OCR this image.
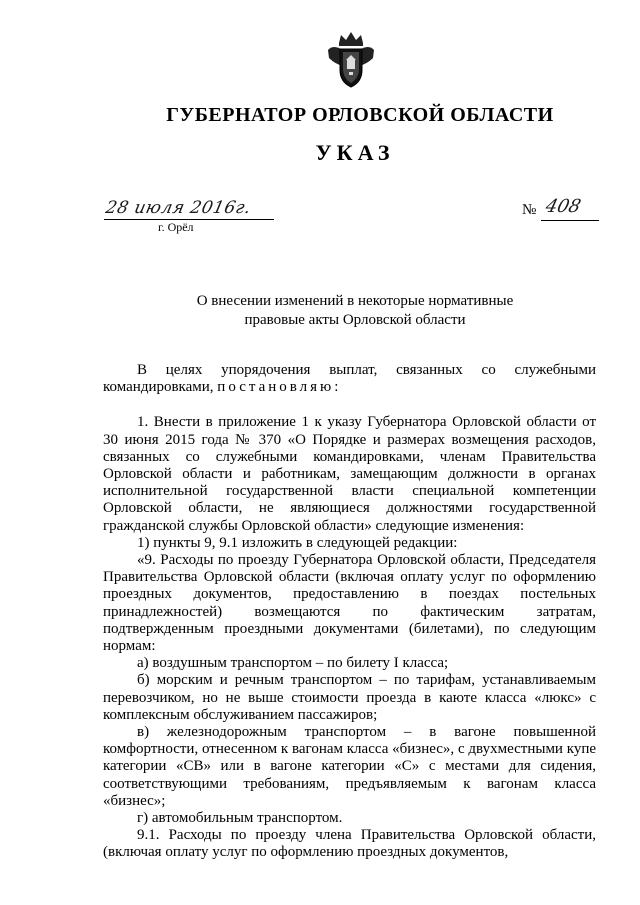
ГУБЕРНАТОР ОРЛОВСКОЙ ОБЛАСТИ
УКАЗ
28 июля 2016г.
г. Орёл
№ 408
О внесении изменений в некоторые нормативные
правовые акты Орловской области

В целях упорядочения выплат, связанных со служебными командировками, постановляю:

1. Внести в приложение 1 к указу Губернатора Орловской области от 30 июня 2015 года № 370 «О Порядке и размерах возмещения расходов, связанных со служебными командировками, членам Правительства Орловской области и работникам, замещающим должности в органах исполнительной государственной власти специальной компетенции Орловской области, не являющиеся должностями государственной гражданской службы Орловской области» следующие изменения:

1) пункты 9, 9.1 изложить в следующей редакции:

«9. Расходы по проезду Губернатора Орловской области, Председателя Правительства Орловской области (включая оплату услуг по оформлению проездных документов, предоставлению в поездах постельных принадлежностей) возмещаются по фактическим затратам, подтвержденным проездными документами (билетами), по следующим нормам:

а) воздушным транспортом – по билету I класса;

б) морским и речным транспортом – по тарифам, устанавливаемым перевозчиком, но не выше стоимости проезда в каюте класса «люкс» с комплексным обслуживанием пассажиров;

в) железнодорожным транспортом – в вагоне повышенной комфортности, отнесенном к вагонам класса «бизнес», с двухместными купе категории «СВ» или в вагоне категории «С» с местами для сидения, соответствующими требованиям, предъявляемым к вагонам класса «бизнес»;

г) автомобильным транспортом.

9.1. Расходы по проезду члена Правительства Орловской области, (включая оплату услуг по оформлению проездных документов,
